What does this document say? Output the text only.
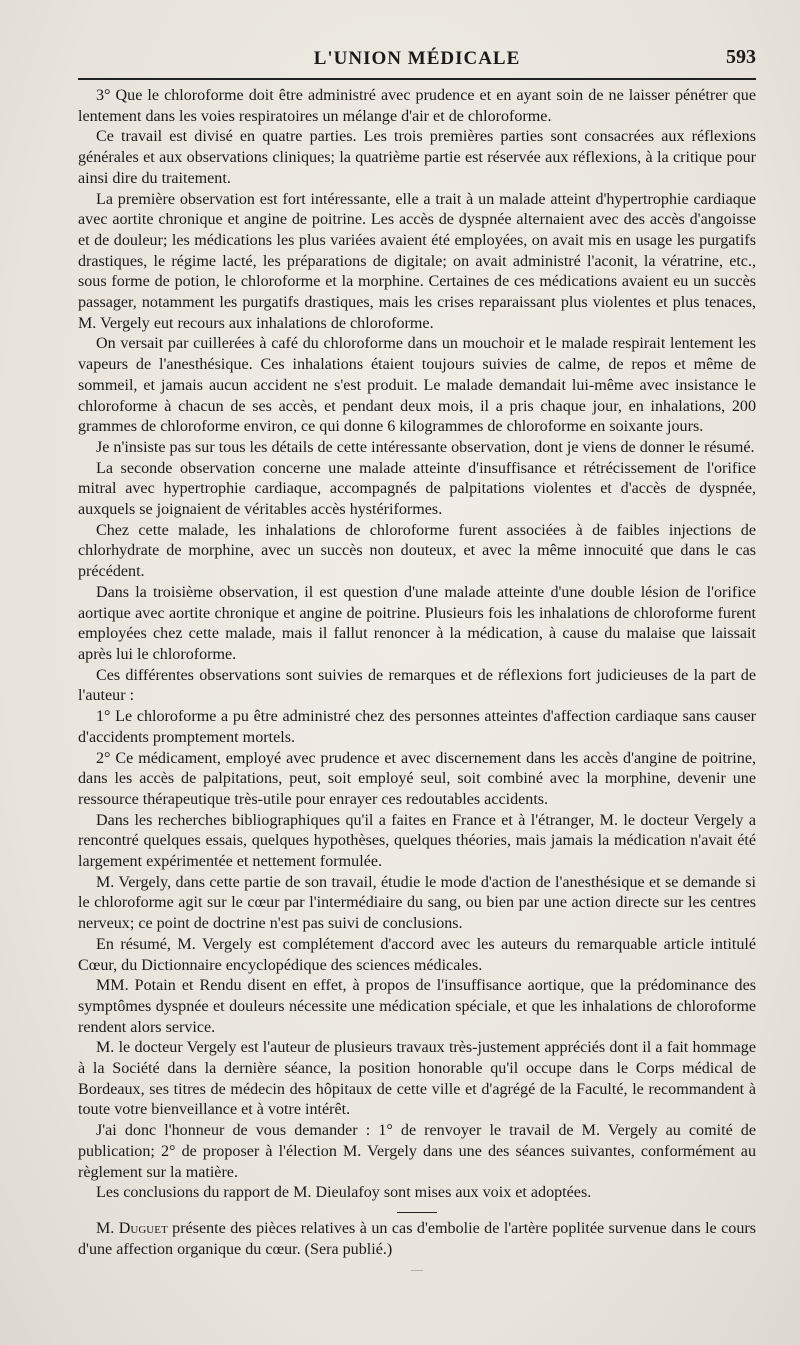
L'UNION MÉDICALE	593

3° Que le chloroforme doit être administré avec prudence et en ayant soin de ne laisser pénétrer que lentement dans les voies respiratoires un mélange d'air et de chloroforme.

Ce travail est divisé en quatre parties. Les trois premières parties sont consacrées aux réflexions générales et aux observations cliniques; la quatrième partie est réservée aux réflexions, à la critique pour ainsi dire du traitement.

La première observation est fort intéressante, elle a trait à un malade atteint d'hypertrophie cardiaque avec aortite chronique et angine de poitrine. Les accès de dyspnée alternaient avec des accès d'angoisse et de douleur; les médications les plus variées avaient été employées, on avait mis en usage les purgatifs drastiques, le régime lacté, les préparations de digitale; on avait administré l'aconit, la vératrine, etc., sous forme de potion, le chloroforme et la morphine. Certaines de ces médications avaient eu un succès passager, notamment les purgatifs drastiques, mais les crises reparaissant plus violentes et plus tenaces, M. Vergely eut recours aux inhalations de chloroforme.

On versait par cuillerées à café du chloroforme dans un mouchoir et le malade respirait lentement les vapeurs de l'anesthésique. Ces inhalations étaient toujours suivies de calme, de repos et même de sommeil, et jamais aucun accident ne s'est produit. Le malade demandait lui-même avec insistance le chloroforme à chacun de ses accès, et pendant deux mois, il a pris chaque jour, en inhalations, 200 grammes de chloroforme environ, ce qui donne 6 kilogrammes de chloroforme en soixante jours.

Je n'insiste pas sur tous les détails de cette intéressante observation, dont je viens de donner le résumé.

La seconde observation concerne une malade atteinte d'insuffisance et rétrécissement de l'orifice mitral avec hypertrophie cardiaque, accompagnés de palpitations violentes et d'accès de dyspnée, auxquels se joignaient de véritables accès hystériformes.

Chez cette malade, les inhalations de chloroforme furent associées à de faibles injections de chlorhydrate de morphine, avec un succès non douteux, et avec la même innocuité que dans le cas précédent.

Dans la troisième observation, il est question d'une malade atteinte d'une double lésion de l'orifice aortique avec aortite chronique et angine de poitrine. Plusieurs fois les inhalations de chloroforme furent employées chez cette malade, mais il fallut renoncer à la médication, à cause du malaise que laissait après lui le chloroforme.

Ces différentes observations sont suivies de remarques et de réflexions fort judicieuses de la part de l'auteur :

1° Le chloroforme a pu être administré chez des personnes atteintes d'affection cardiaque sans causer d'accidents promptement mortels.

2° Ce médicament, employé avec prudence et avec discernement dans les accès d'angine de poitrine, dans les accès de palpitations, peut, soit employé seul, soit combiné avec la morphine, devenir une ressource thérapeutique très-utile pour enrayer ces redoutables accidents.

Dans les recherches bibliographiques qu'il a faites en France et à l'étranger, M. le docteur Vergely a rencontré quelques essais, quelques hypothèses, quelques théories, mais jamais la médication n'avait été largement expérimentée et nettement formulée.

M. Vergely, dans cette partie de son travail, étudie le mode d'action de l'anesthésique et se demande si le chloroforme agit sur le cœur par l'intermédiaire du sang, ou bien par une action directe sur les centres nerveux; ce point de doctrine n'est pas suivi de conclusions.

En résumé, M. Vergely est complétement d'accord avec les auteurs du remarquable article intitulé Cœur, du Dictionnaire encyclopédique des sciences médicales.

MM. Potain et Rendu disent en effet, à propos de l'insuffisance aortique, que la prédominance des symptômes dyspnée et douleurs nécessite une médication spéciale, et que les inhalations de chloroforme rendent alors service.

M. le docteur Vergely est l'auteur de plusieurs travaux très-justement appréciés dont il a fait hommage à la Société dans la dernière séance, la position honorable qu'il occupe dans le Corps médical de Bordeaux, ses titres de médecin des hôpitaux de cette ville et d'agrégé de la Faculté, le recommandent à toute votre bienveillance et à votre intérêt.

J'ai donc l'honneur de vous demander : 1° de renvoyer le travail de M. Vergely au comité de publication; 2° de proposer à l'élection M. Vergely dans une des séances suivantes, conformément au règlement sur la matière.

Les conclusions du rapport de M. Dieulafoy sont mises aux voix et adoptées.

M. Duguet présente des pièces relatives à un cas d'embolie de l'artère poplitée survenue dans le cours d'une affection organique du cœur. (Sera publié.)

—
